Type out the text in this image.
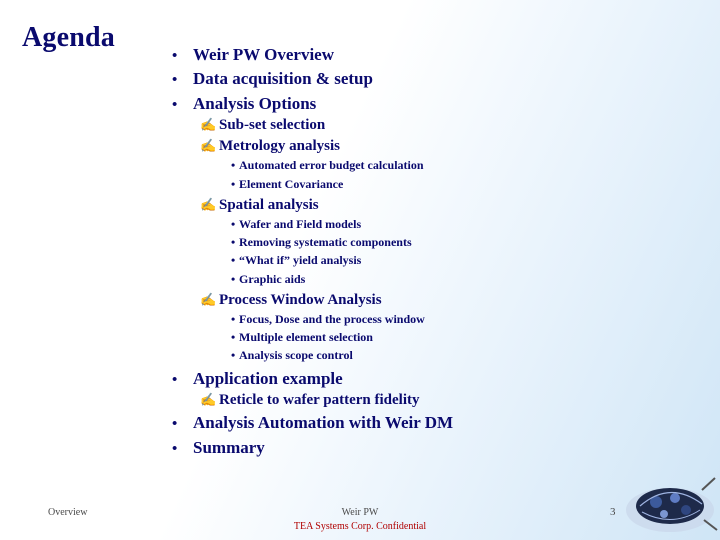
Agenda
• Weir PW Overview
• Data acquisition & setup
• Analysis Options
✍ Sub-set selection
✍ Metrology analysis
• Automated error budget calculation
• Element Covariance
✍ Spatial analysis
• Wafer and Field models
• Removing systematic components
• “What if” yield analysis
• Graphic aids
✍ Process Window Analysis
• Focus, Dose and the process window
• Multiple element selection
• Analysis scope control
• Application example
✍ Reticle to wafer pattern fidelity
• Analysis Automation with Weir DM
• Summary
Overview	Weir PW
TEA Systems Corp. Confidential
3
